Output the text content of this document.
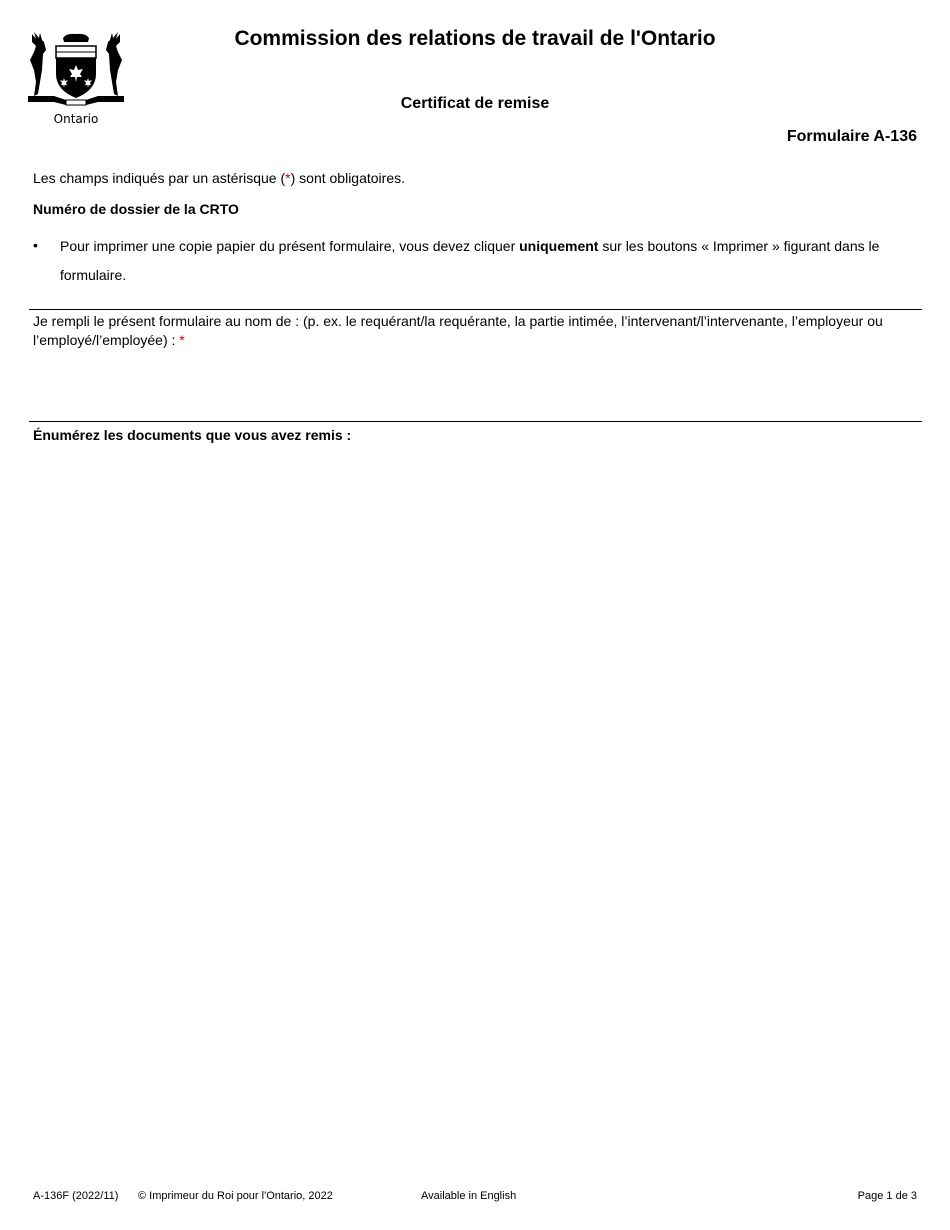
Ontario
Commission des relations de travail de l'Ontario
Certificat de remise
Formulaire A-136
Les champs indiqués par un astérisque (*) sont obligatoires.
Numéro de dossier de la CRTO
• Pour imprimer une copie papier du présent formulaire, vous devez cliquer uniquement sur les boutons « Imprimer » figurant dans le formulaire.
Je rempli le présent formulaire au nom de : (p. ex. le requérant/la requérante, la partie intimée, l’intervenant/l’intervenante, l’employeur ou l’employé/l’employée) : *
Énumérez les documents que vous avez remis :
A-136F (2022/11) © Imprimeur du Roi pour l'Ontario, 2022	Available in English	Page 1 de 3
